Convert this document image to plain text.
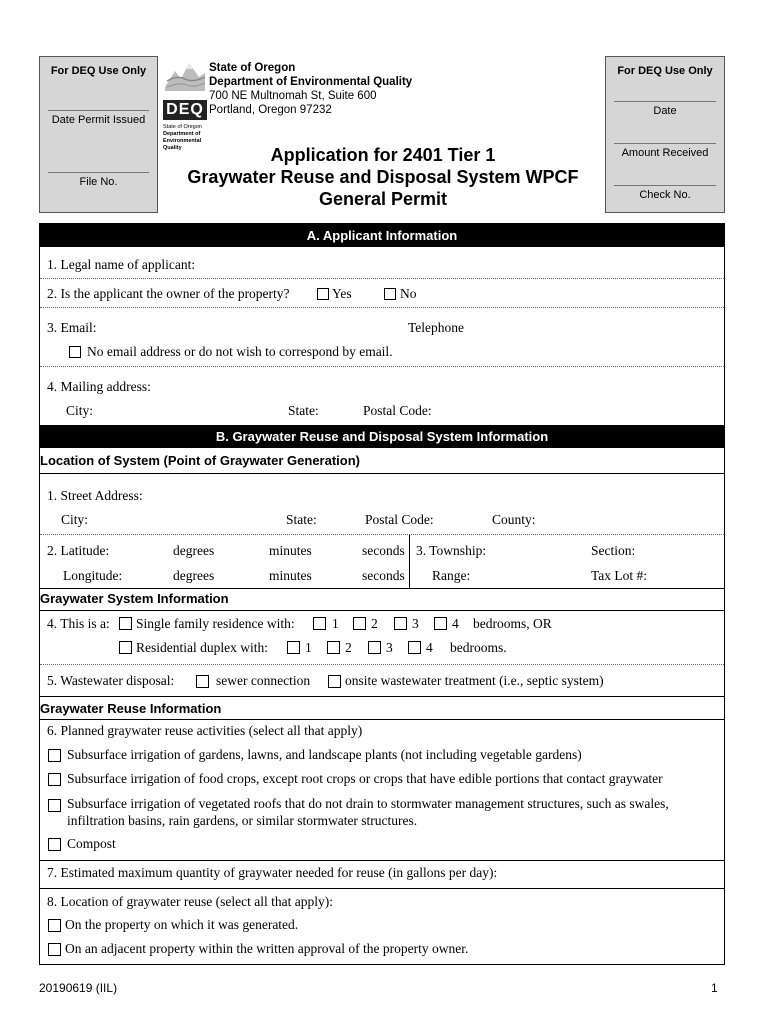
For DEQ Use Only
Date Permit Issued
File No.
DEQ
State of Oregon
Department of
Environmental
Quality
State of Oregon
Department of Environmental Quality
700 NE Multnomah St, Suite 600
Portland, Oregon 97232
Application for 2401 Tier 1
Graywater Reuse and Disposal System WPCF
General Permit
For DEQ Use Only
Date
Amount Received
Check No.
A. Applicant Information
1. Legal name of applicant:
2. Is the applicant the owner of the property?	Yes	No
3. Email:	Telephone
No email address or do not wish to correspond by email.
4. Mailing address:
City:	State:	Postal Code:
B. Graywater Reuse and Disposal System Information
Location of System (Point of Graywater Generation)
1. Street Address:
City:	State:	Postal Code:	County:
2. Latitude:	degrees	minutes	seconds
Longitude:	degrees	minutes	seconds
3. Township:	Section:
Range:	Tax Lot #:
Graywater System Information
4. This is a: Single family residence with:	1 2	3 4 bedrooms, OR
Residential duplex with:	1 2	3 4 bedrooms.
5. Wastewater disposal:	sewer connection	onsite wastewater treatment (i.e., septic system)
Graywater Reuse Information
6. Planned graywater reuse activities (select all that apply)
Subsurface irrigation of gardens, lawns, and landscape plants (not including vegetable gardens)
Subsurface irrigation of food crops, except root crops or crops that have edible portions that contact graywater
Subsurface irrigation of vegetated roofs that do not drain to stormwater management structures, such as swales,
infiltration basins, rain gardens, or similar stormwater structures.
Compost
7. Estimated maximum quantity of graywater needed for reuse (in gallons per day):
8. Location of graywater reuse (select all that apply):
On the property on which it was generated.
On an adjacent property within the written approval of the property owner.
20190619 (IIL)	1
